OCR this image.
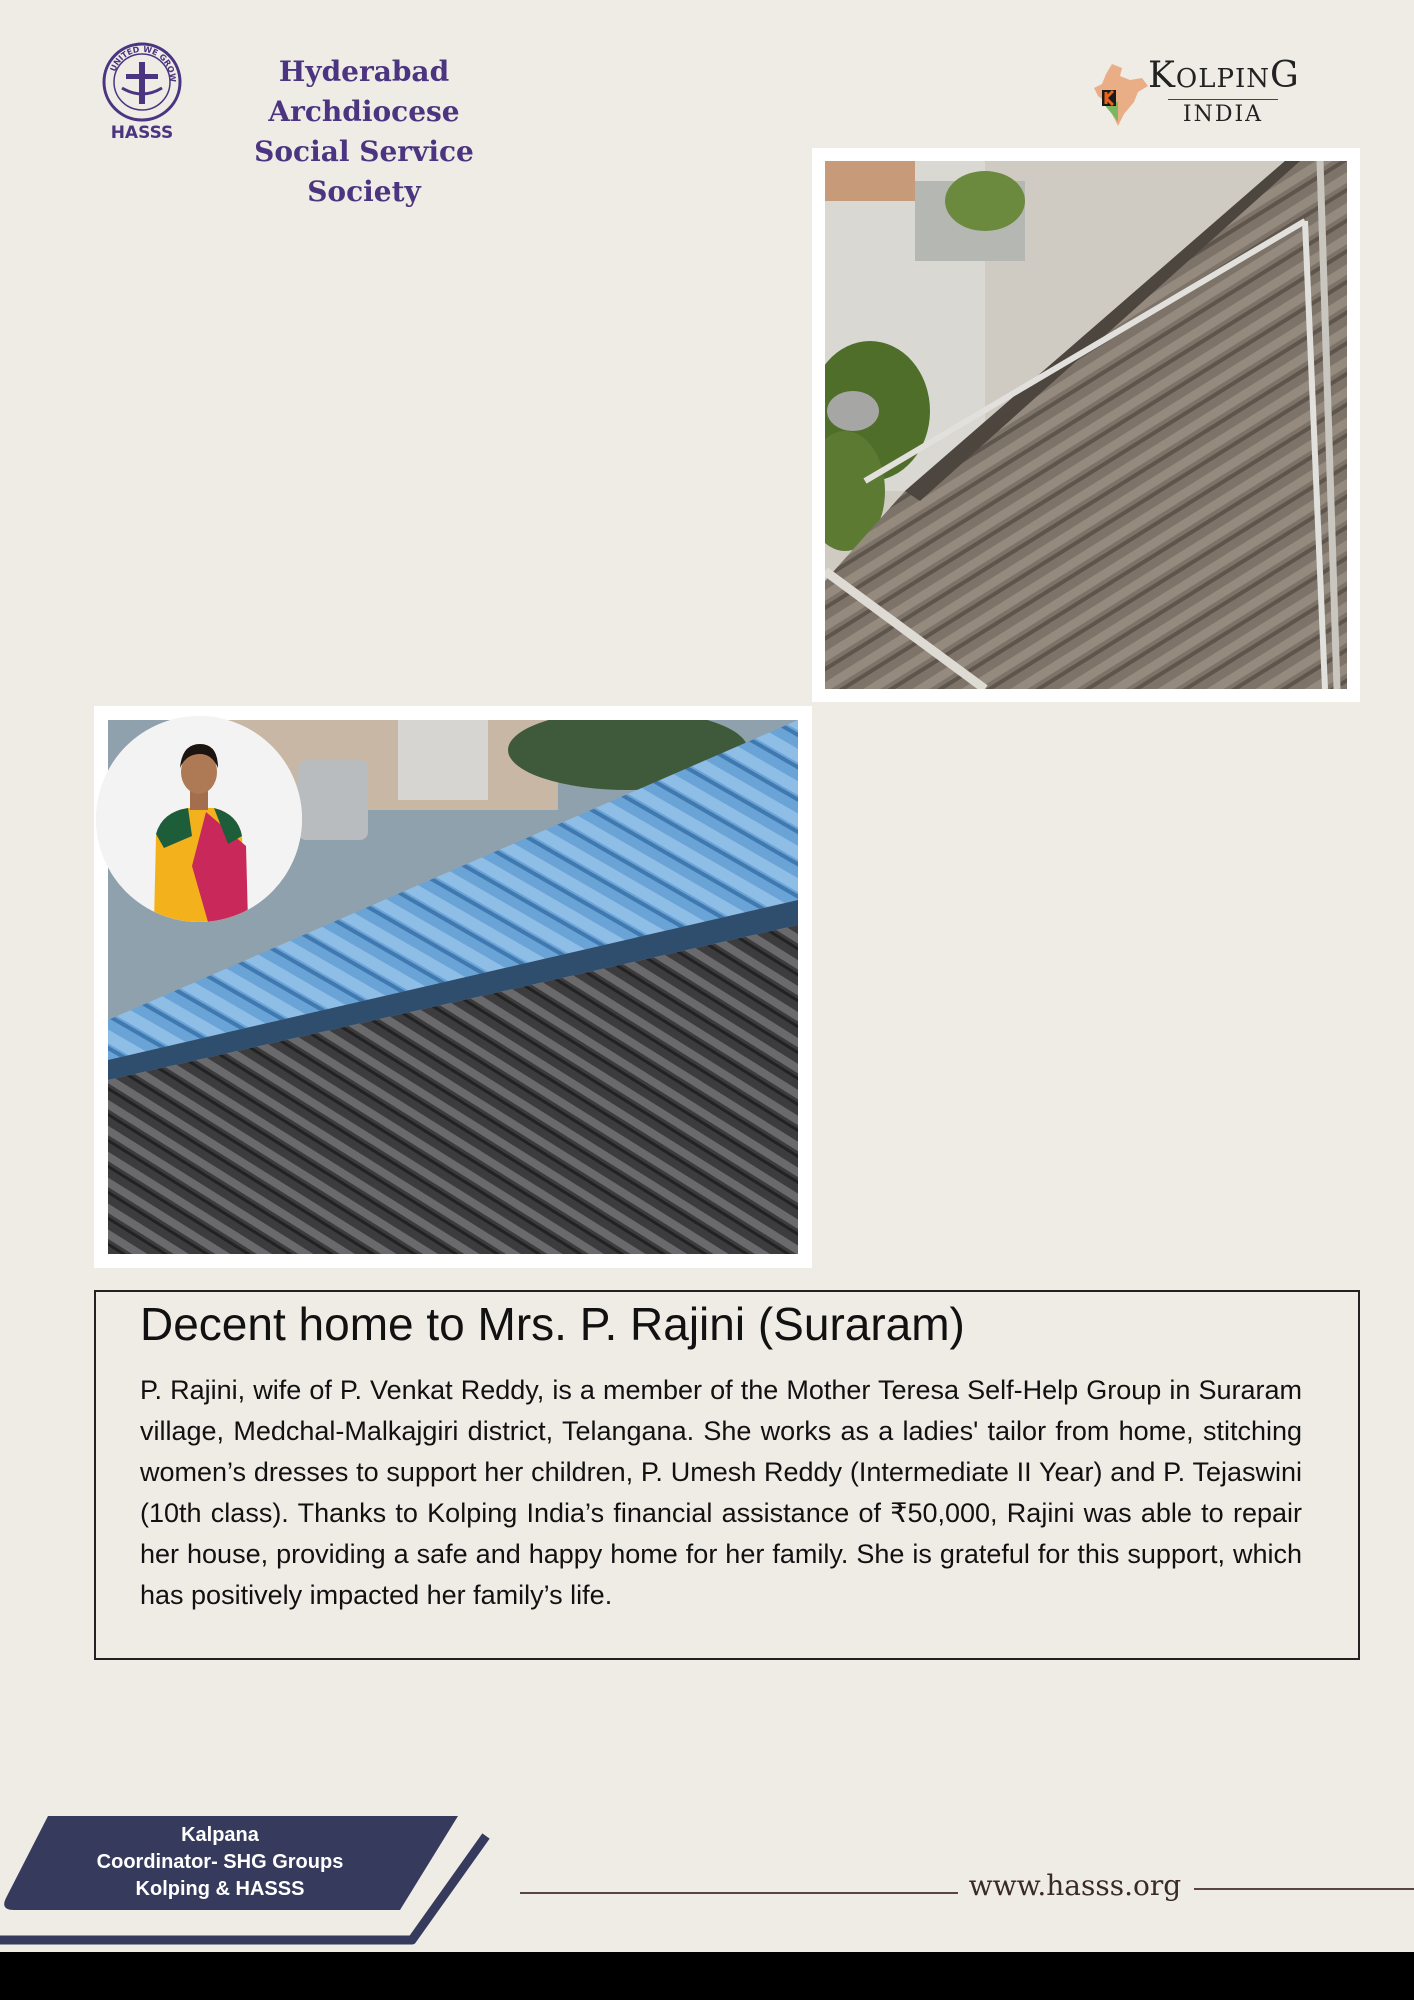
UNITED WE GROW
HASSS
Hyderabad Archdiocese
Social Service Society
KOLPING
INDIA
Decent home to Mrs. P. Rajini (Suraram)

P. Rajini, wife of P. Venkat Reddy, is a member of the Mother Teresa Self-Help Group in Suraram village, Medchal-Malkajgiri district, Telangana. She works as a ladies' tailor from home, stitching women’s dresses to support her children, P. Umesh Reddy (Intermediate II Year) and P. Tejaswini (10th class). Thanks to Kolping India’s financial assistance of ₹50,000, Rajini was able to repair her house, providing a safe and happy home for her family. She is grateful for this support, which has positively impacted her family’s life.

Kalpana
Coordinator- SHG Groups
Kolping & HASSS	www.hasss.org
